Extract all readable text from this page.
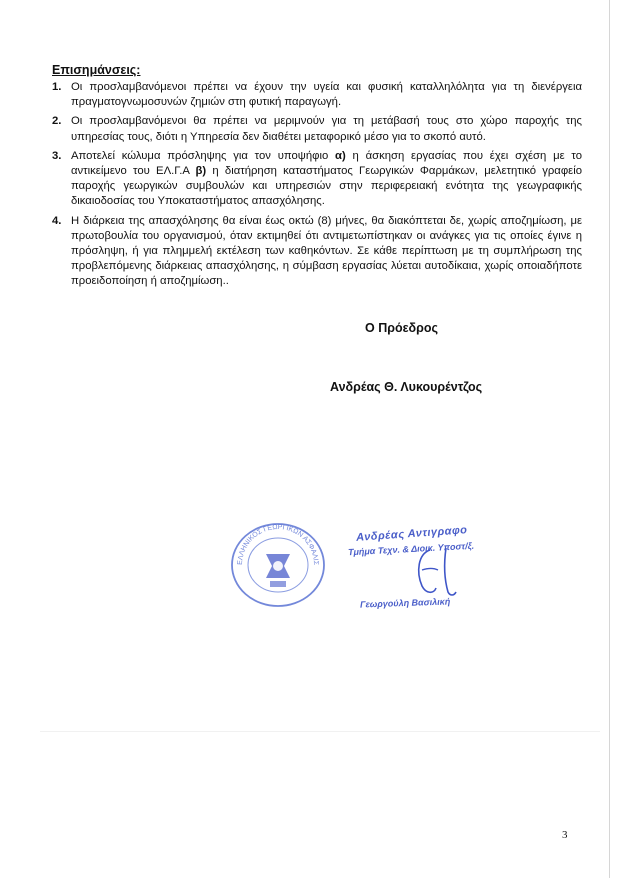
Επισημάνσεις:
1. Οι προσλαμβανόμενοι πρέπει να έχουν την υγεία και φυσική καταλληλόλητα για τη διενέργεια πραγματογνωμοσυνών ζημιών στη φυτική παραγωγή.
2. Οι προσλαμβανόμενοι θα πρέπει να μεριμνούν για τη μετάβασή τους στο χώρο παροχής της υπηρεσίας τους, διότι η Υπηρεσία δεν διαθέτει μεταφορικό μέσο για το σκοπό αυτό.
3. Αποτελεί κώλυμα πρόσληψης για τον υποψήφιο α) η άσκηση εργασίας που έχει σχέση με το αντικείμενο του ΕΛ.Γ.Α β) η διατήρηση καταστήματος Γεωργικών Φαρμάκων, μελετητικό γραφείο παροχής γεωργικών συμβουλών και υπηρεσιών στην περιφερειακή ενότητα της γεωγραφικής δικαιοδοσίας του Υποκαταστήματος απασχόλησης.
4. Η διάρκεια της απασχόλησης θα είναι έως οκτώ (8) μήνες, θα διακόπτεται δε, χωρίς αποζημίωση, με πρωτοβουλία του οργανισμού, όταν εκτιμηθεί ότι αντιμετωπίστηκαν οι ανάγκες για τις οποίες έγινε η πρόσληψη, ή για πλημμελή εκτέλεση των καθηκόντων. Σε κάθε περίπτωση με τη συμπλήρωση της προβλεπόμενης διάρκειας απασχόλησης, η σύμβαση εργασίας λύεται αυτοδίκαια, χωρίς οποιαδήποτε προειδοποίηση ή αποζημίωση..
Ο Πρόεδρος
Ανδρέας Θ. Λυκουρέντζος
ΕΛΛΗΝΙΚΟΣ ΓΕΩΡΓΙΚΩΝ ΑΣΦΑΛΙΣ
Ανδρέας Αντιγραφο
Τμήμα Τεχν. & Διοικ. Υποστ/ξ.
Γεωργούλη Βασιλική
3
